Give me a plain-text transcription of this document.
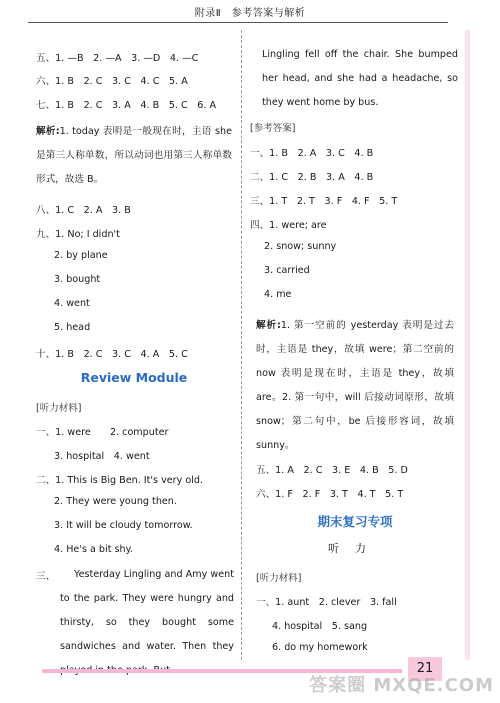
附录Ⅱ　参考答案与解析
五、1. —B　2. —A　3. —D　4. —C
六、1. B　2. C　3. C　4. C　5. A
七、1. B　2. C　3. A　4. B　5. C　6. A
解析:1. today 表明是一般现在时，主语 she 是第三人称单数，所以动词也用第三人称单数形式，故选 B。
八、1. C　2. A　3. B
九、1. No; I didn't
2. by plane
3. bought
4. went
5. head
十、1. B　2. C　3. C　4. A　5. C
Review Module
[听力材料]
一、1. were　　2. computer
3. hospital　4. went
二、1. This is Big Ben. It's very old.
2. They were young then.
3. It will be cloudy tomorrow.
4. He's a bit shy.
三、	Yesterday Lingling and Amy went to the park. They were hungry and thirsty, so they bought some sandwiches and water. Then they
Lingling fell off the chair. She bumped her head, and she had a headache, so they went home by bus.
[参考答案]
一、1. B　2. A　3. C　4. B
二、1. C　2. B　3. A　4. B
三、1. T　2. T　3. F　4. F　5. T
四、1. were; are
2. snow; sunny
3. carried
4. me
解析:1. 第一空前的 yesterday 表明是过去时，主语是 they，故填 were；第二空前的 now 表明是现在时，主语是 they，故填 are。2. 第一句中，will 后接动词原形，故填 snow；第二句中，be 后接形容词，故填 sunny。
五、1. A　2. C　3. E　4. B　5. D
六、1. F　2. F　3. T　4. T　5. T
期末复习专项
听力
[听力材料]
一、1. aunt　2. clever　3. fall
4. hospital　5. sang
6. do my homework
21
答案圈 MXQE.COM
